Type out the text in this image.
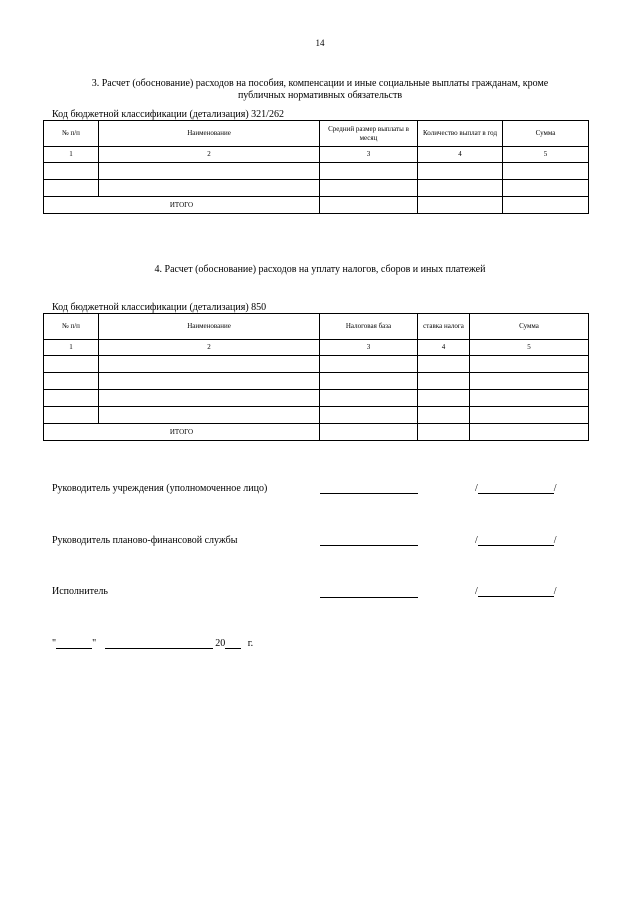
14
3. Расчет (обоснование) расходов на пособия, компенсации и иные социальные выплаты гражданам, кроме
публичных нормативных обязательств
Код бюджетной классификации (детализация) 321/262
№ п/п	Наименование	Средний размер выплаты в месяц	Количество выплат в год	Сумма
1	2	3	4	5

ИТОГО				
4. Расчет (обоснование) расходов на уплату налогов, сборов и иных платежей
Код бюджетной классификации (детализация) 850
№ п/п	Наименование	Налоговая база	ставка налога	Сумма
1	2	3	4	5

ИТОГО				
Руководитель учреждения (уполномоченное лицо)	/	/
Руководитель планово-финансовой службы	/	/
Исполнитель	/	/
"	"	20 г.
